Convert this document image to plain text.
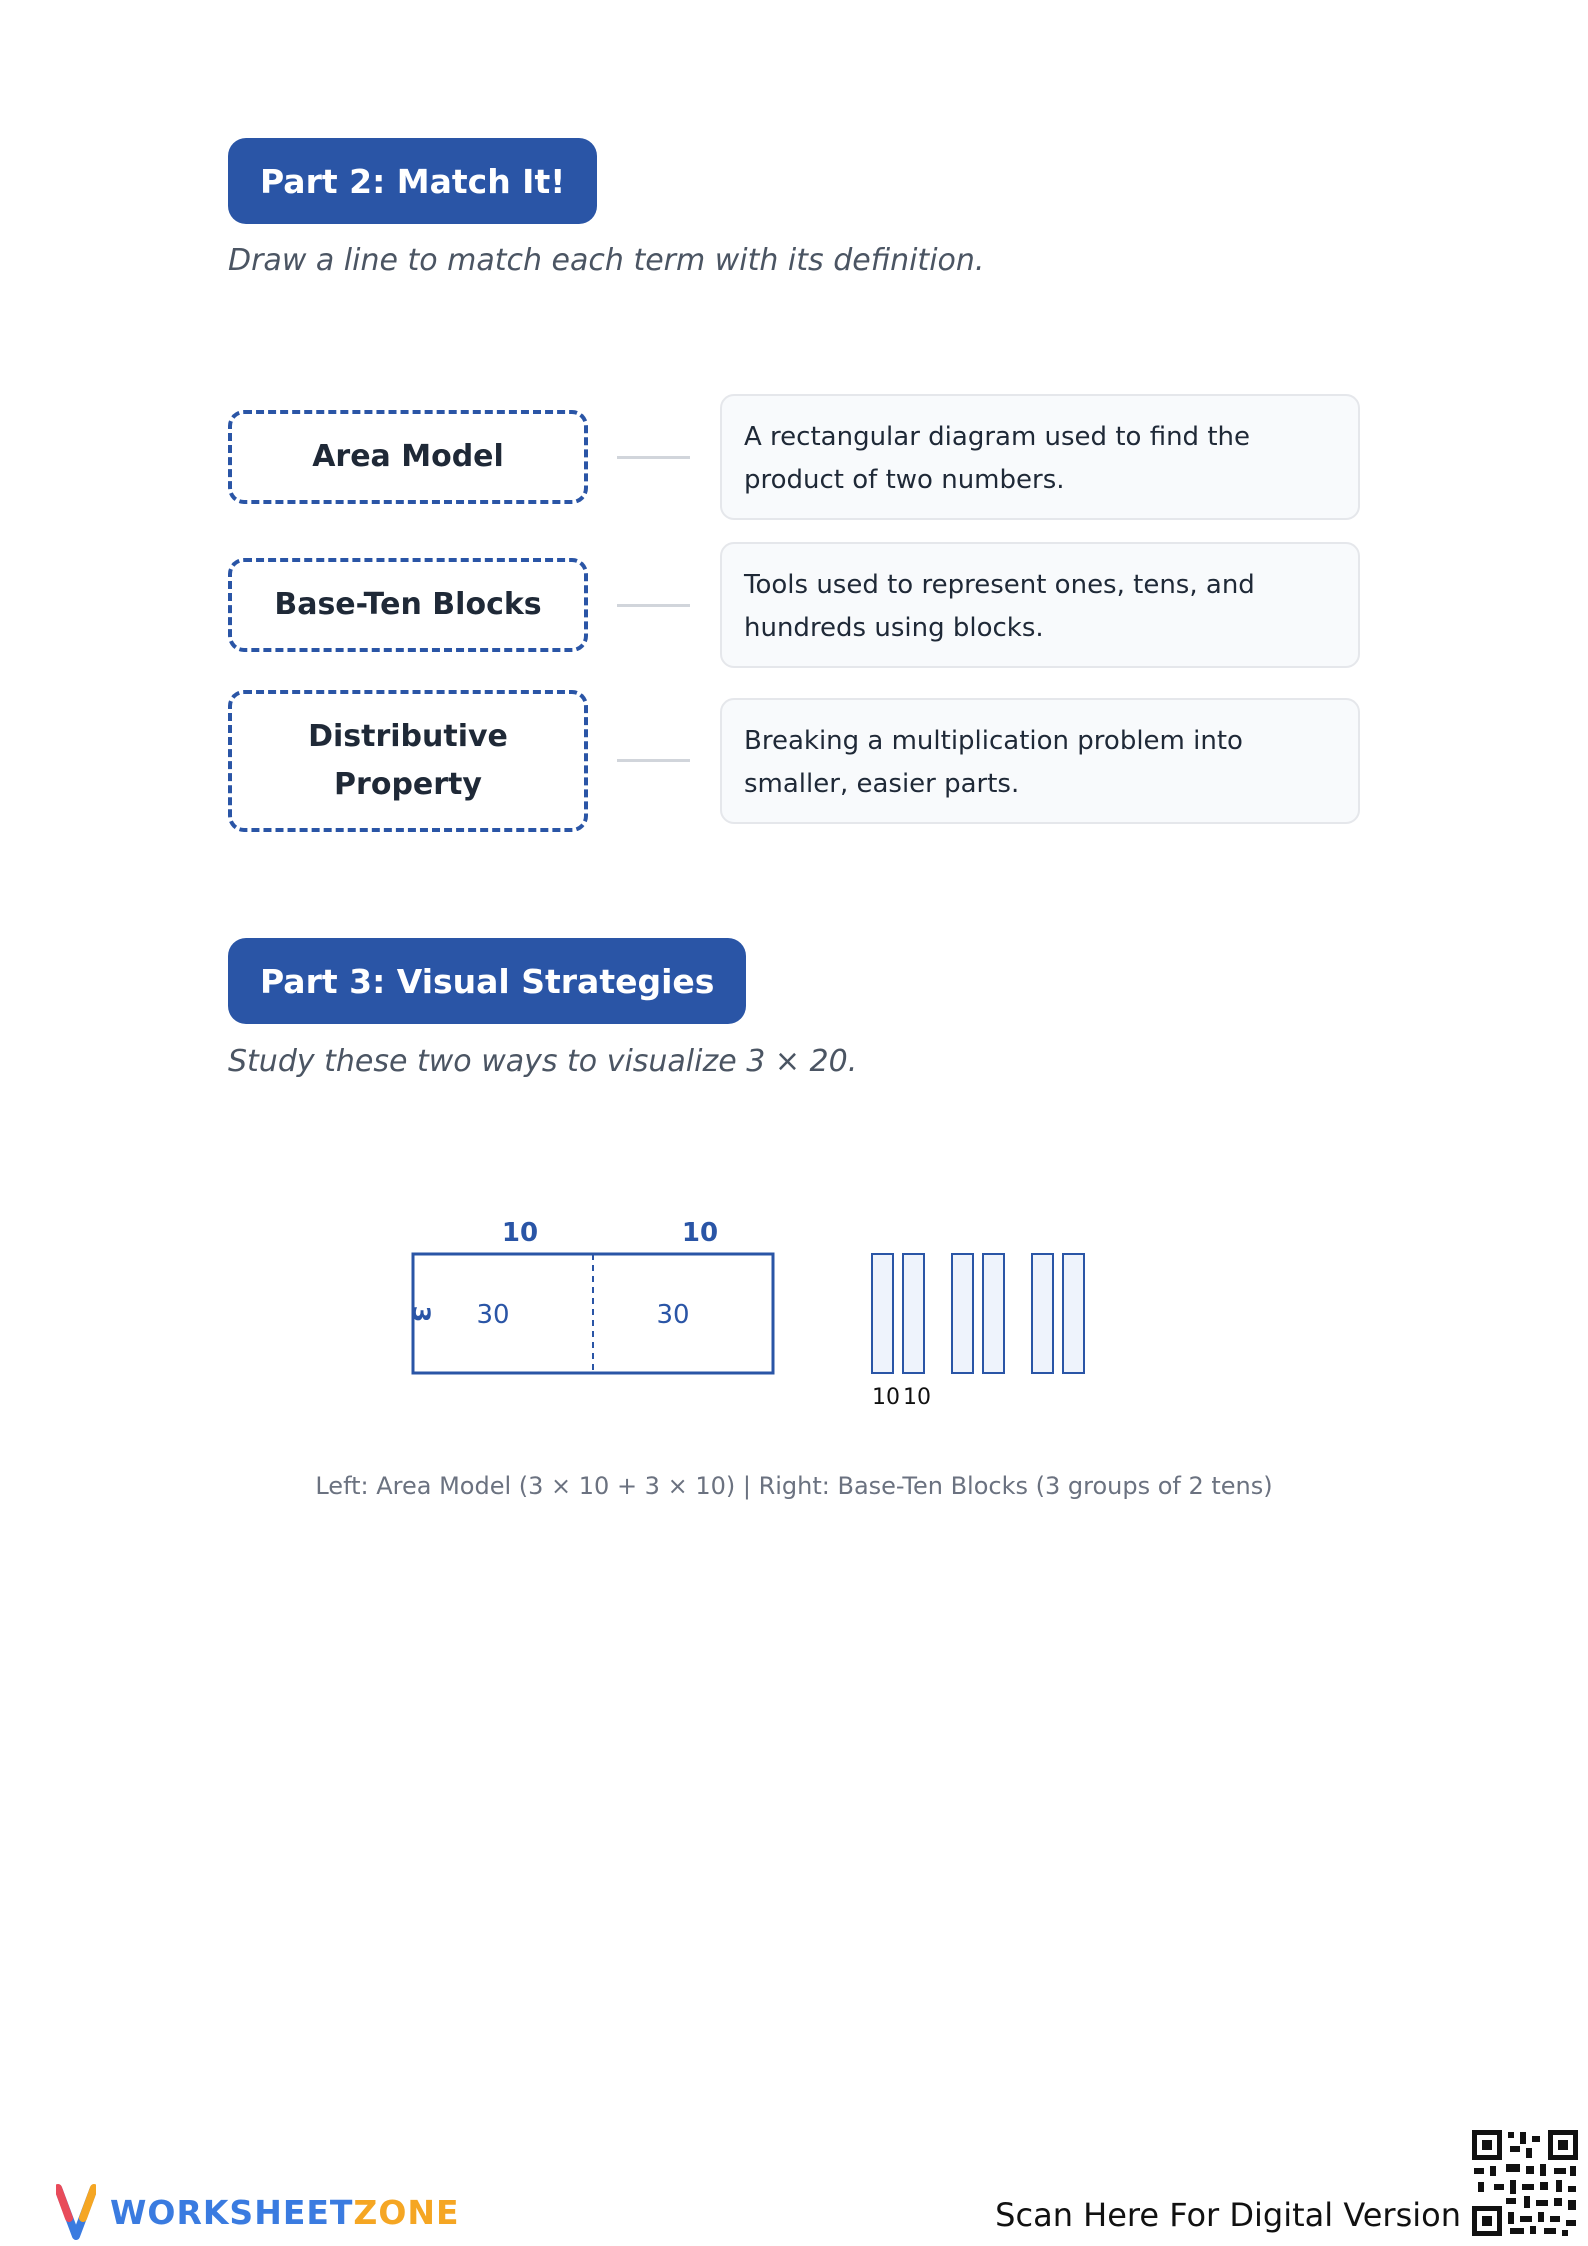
Part 2: Match It!
Draw a line to match each term with its definition.
Area Model
A rectangular diagram used to find the product of two numbers.
Base-Ten Blocks
Tools used to represent ones, tens, and hundreds using blocks.
Distributive Property
Breaking a multiplication problem into smaller, easier parts.
Part 3: Visual Strategies
Study these two ways to visualize 3 × 20.
10	10
3 30	30
10 10
Left: Area Model (3 × 10 + 3 × 10) | Right: Base-Ten Blocks (3 groups of 2 tens)
WORKSHEETZONE	Scan Here For Digital Version
